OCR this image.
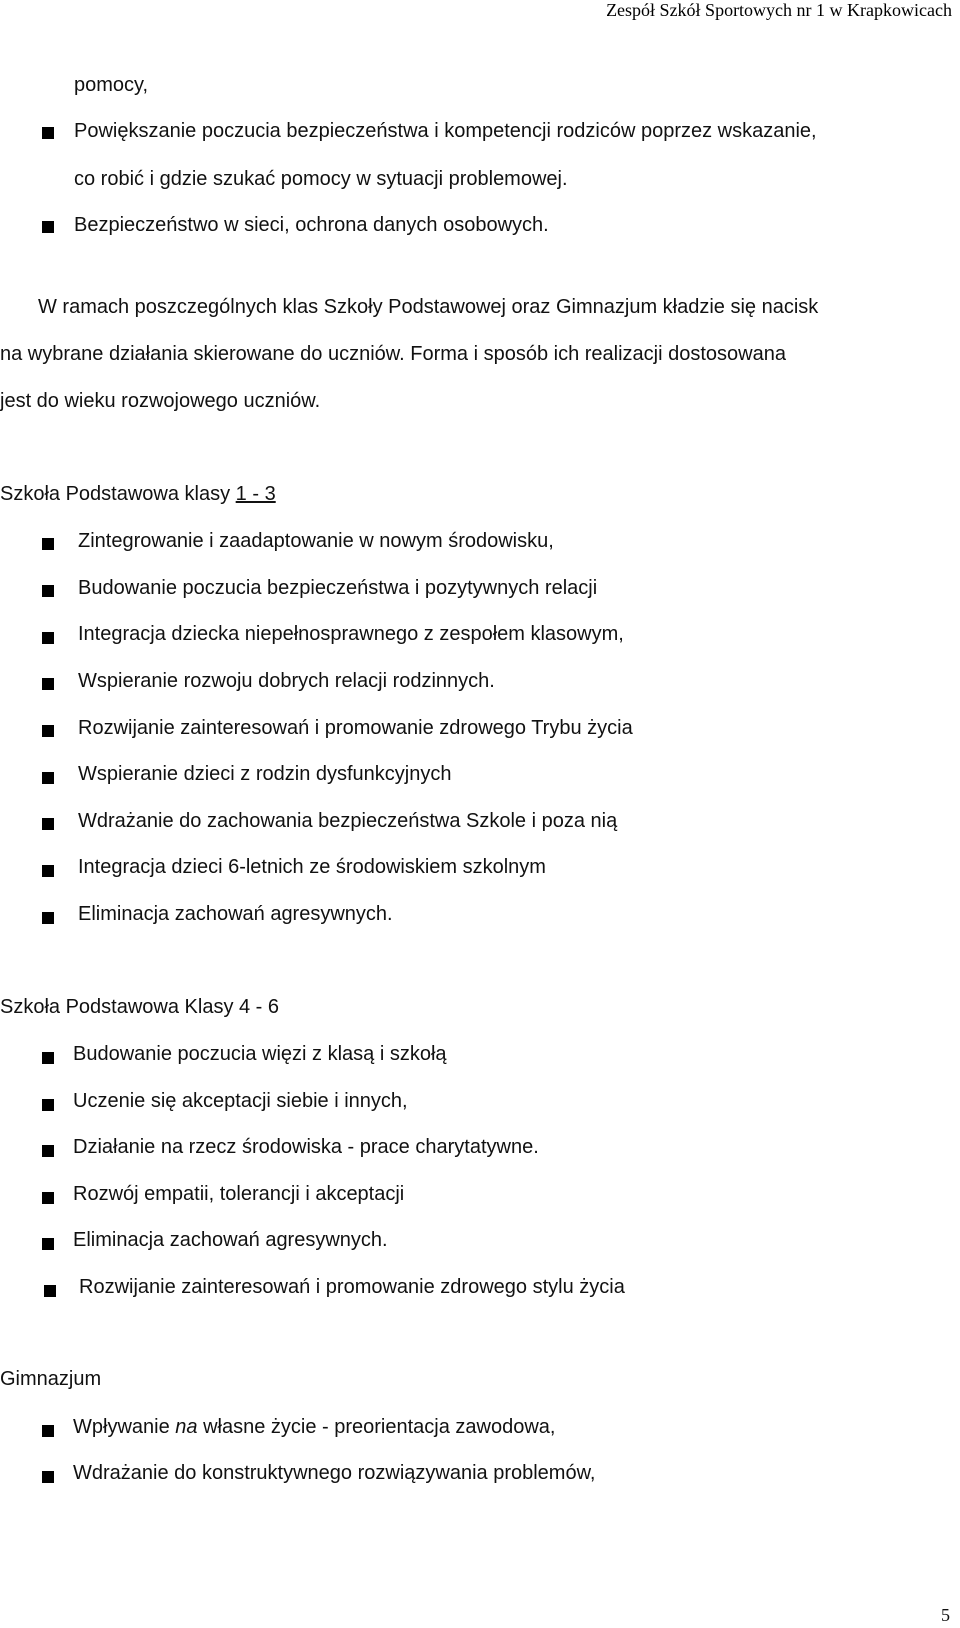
Zespół Szkół Sportowych nr 1 w Krapkowicach
pomocy,
Powiększanie poczucia bezpieczeństwa i kompetencji rodziców poprzez wskazanie,
co robić i gdzie szukać pomocy w sytuacji problemowej.
Bezpieczeństwo w sieci, ochrona danych osobowych.
W ramach poszczególnych klas Szkoły Podstawowej oraz Gimnazjum kładzie się nacisk
na wybrane działania skierowane do uczniów. Forma i sposób ich realizacji dostosowana
jest do wieku rozwojowego uczniów.
Szkoła Podstawowa klasy 1 - 3
Zintegrowanie i zaadaptowanie w nowym środowisku,
Budowanie poczucia bezpieczeństwa i pozytywnych relacji
Integracja dziecka niepełnosprawnego z zespołem klasowym,
Wspieranie rozwoju dobrych relacji rodzinnych.
Rozwijanie zainteresowań i promowanie zdrowego Trybu życia
Wspieranie dzieci z rodzin dysfunkcyjnych
Wdrażanie do zachowania bezpieczeństwa Szkole i poza nią
Integracja dzieci 6-letnich ze środowiskiem szkolnym
Eliminacja zachowań agresywnych.
Szkoła Podstawowa Klasy 4 - 6
Budowanie poczucia więzi z klasą i szkołą
Uczenie się akceptacji siebie i innych,
Działanie na rzecz środowiska - prace charytatywne.
Rozwój empatii, tolerancji i akceptacji
Eliminacja zachowań agresywnych.
Rozwijanie zainteresowań i promowanie zdrowego stylu życia
Gimnazjum
Wpływanie na własne życie - preorientacja zawodowa,
Wdrażanie do konstruktywnego rozwiązywania problemów,
5
